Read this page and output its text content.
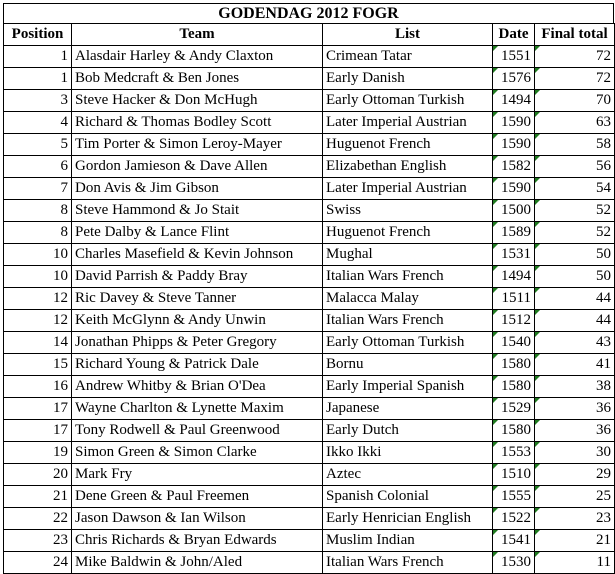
GODENDAG 2012 FOGR
Position	Team	List	Date	Final total
1	Alasdair Harley & Andy Claxton	Crimean Tatar	1551	72
1	Bob Medcraft & Ben Jones	Early Danish	1576	72
3	Steve Hacker & Don McHugh	Early Ottoman Turkish	1494	70
4	Richard & Thomas Bodley Scott	Later Imperial Austrian	1590	63
5	Tim Porter & Simon Leroy-Mayer	Huguenot French	1590	58
6	Gordon Jamieson & Dave Allen	Elizabethan English	1582	56
7	Don Avis & Jim Gibson	Later Imperial Austrian	1590	54
8	Steve Hammond & Jo Stait	Swiss	1500	52
8	Pete Dalby & Lance Flint	Huguenot French	1589	52
10	Charles Masefield & Kevin Johnson	Mughal	1531	50
10	David Parrish & Paddy Bray	Italian Wars French	1494	50
12	Ric Davey & Steve Tanner	Malacca Malay	1511	44
12	Keith McGlynn & Andy Unwin	Italian Wars French	1512	44
14	Jonathan Phipps & Peter Gregory	Early Ottoman Turkish	1540	43
15	Richard Young & Patrick Dale	Bornu	1580	41
16	Andrew Whitby & Brian O'Dea	Early Imperial Spanish	1580	38
17	Wayne Charlton & Lynette Maxim	Japanese	1529	36
17	Tony Rodwell & Paul Greenwood	Early Dutch	1580	36
19	Simon Green & Simon Clarke	Ikko Ikki	1553	30
20	Mark Fry	Aztec	1510	29
21	Dene Green & Paul Freemen	Spanish Colonial	1555	25
22	Jason Dawson & Ian Wilson	Early Henrician English	1522	23
23	Chris Richards & Bryan Edwards	Muslim Indian	1541	21
24	Mike Baldwin & John/Aled	Italian Wars French	1530	11
